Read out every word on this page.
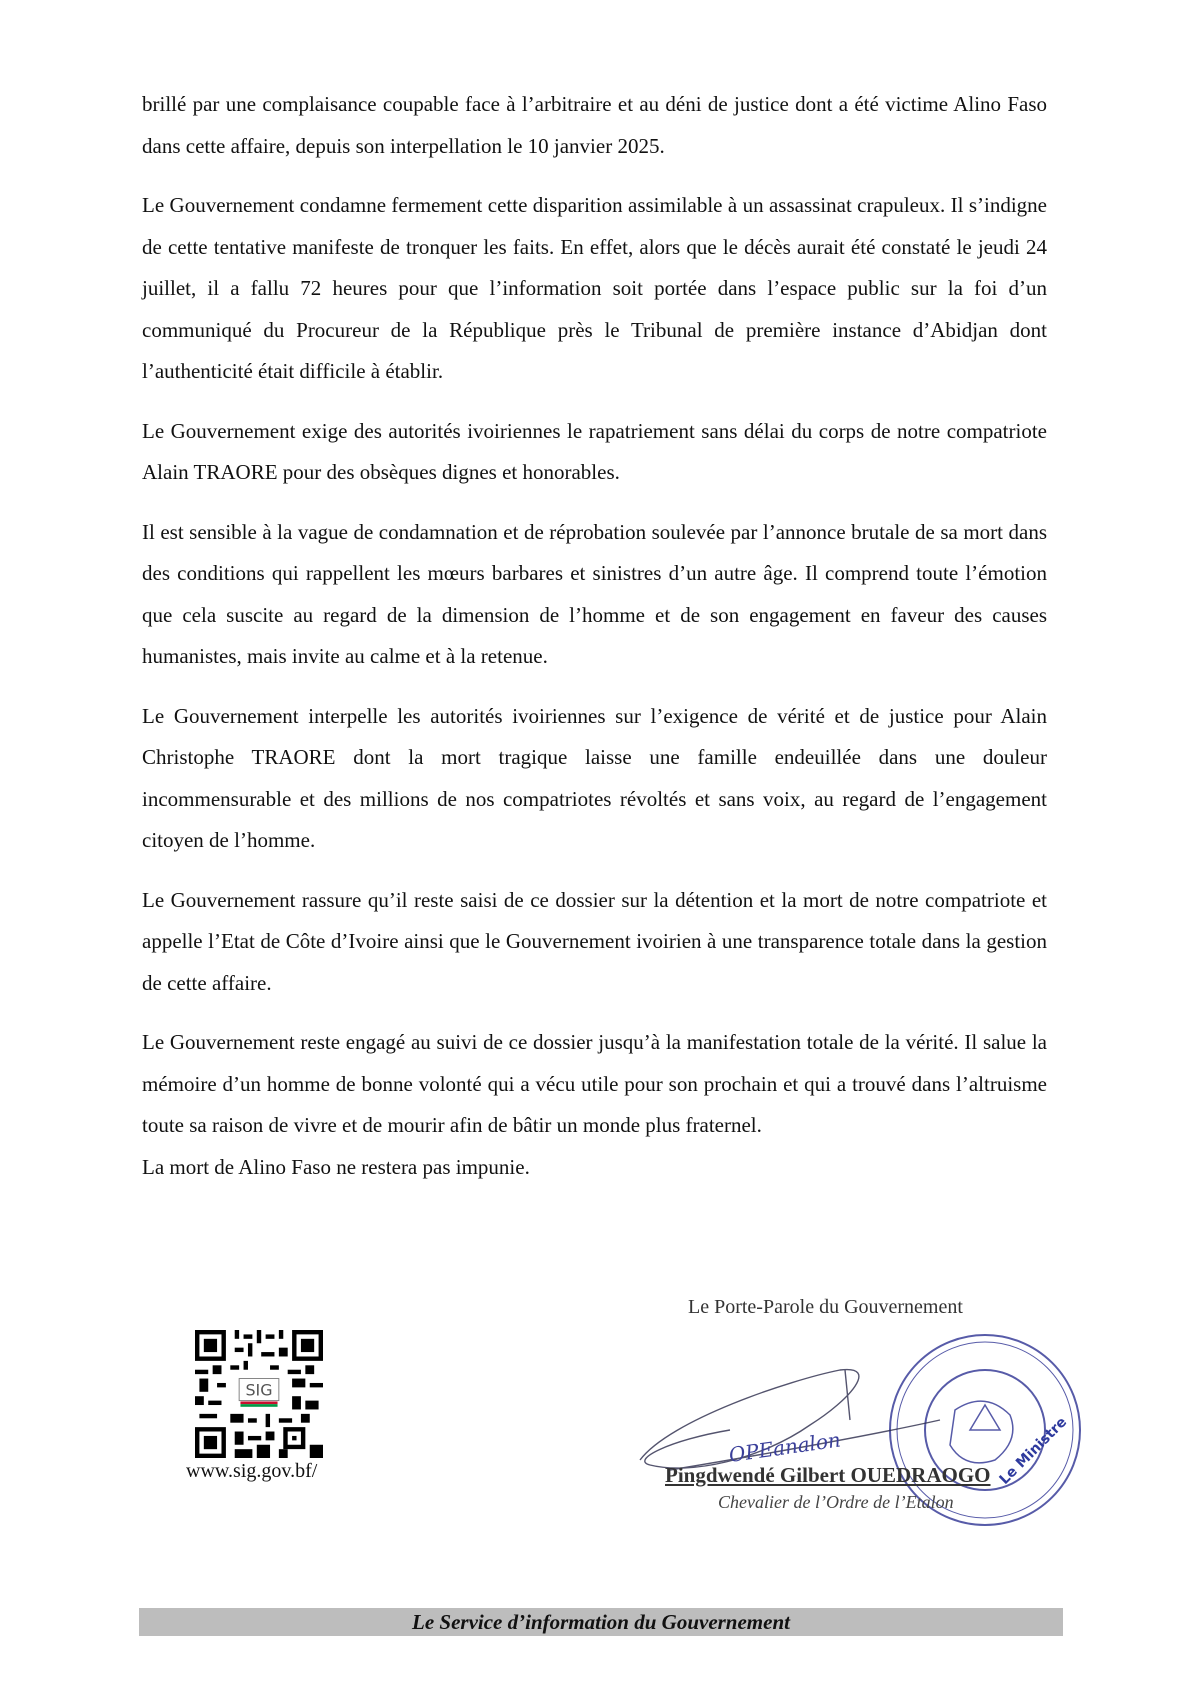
brillé par une complaisance coupable face à l’arbitraire et au déni de justice dont a été victime Alino Faso dans cette affaire, depuis son interpellation le 10 janvier 2025.

Le Gouvernement condamne fermement cette disparition assimilable à un assassinat crapuleux. Il s’indigne de cette tentative manifeste de tronquer les faits. En effet, alors que le décès aurait été constaté le jeudi 24 juillet, il a fallu 72 heures pour que l’information soit portée dans l’espace public sur la foi d’un communiqué du Procureur de la République près le Tribunal de première instance d’Abidjan dont l’authenticité était difficile à établir.

Le Gouvernement exige des autorités ivoiriennes le rapatriement sans délai du corps de notre compatriote Alain TRAORE pour des obsèques dignes et honorables.

Il est sensible à la vague de condamnation et de réprobation soulevée par l’annonce brutale de sa mort dans des conditions qui rappellent les mœurs barbares et sinistres d’un autre âge. Il comprend toute l’émotion que cela suscite au regard de la dimension de l’homme et de son engagement en faveur des causes humanistes, mais invite au calme et à la retenue.

Le Gouvernement interpelle les autorités ivoiriennes sur l’exigence de vérité et de justice pour Alain Christophe TRAORE dont la mort tragique laisse une famille endeuillée dans une douleur incommensurable et des millions de nos compatriotes révoltés et sans voix, au regard de l’engagement citoyen de l’homme.

Le Gouvernement rassure qu’il reste saisi de ce dossier sur la détention et la mort de notre compatriote et appelle l’Etat de Côte d’Ivoire ainsi que le Gouvernement ivoirien à une transparence totale dans la gestion de cette affaire.

Le Gouvernement reste engagé au suivi de ce dossier jusqu’à la manifestation totale de la vérité. Il salue la mémoire d’un homme de bonne volonté qui a vécu utile pour son prochain et qui a trouvé dans l’altruisme toute sa raison de vivre et de mourir afin de bâtir un monde plus fraternel.

La mort de Alino Faso ne restera pas impunie.

SIG
www.sig.gov.bf/
Le Porte-Parole du Gouvernement
OPEanalon	Le Ministre
Pingdwendé Gilbert OUEDRAOGO
Chevalier de l’Ordre de l’Etalon
Le Service d’information du Gouvernement
